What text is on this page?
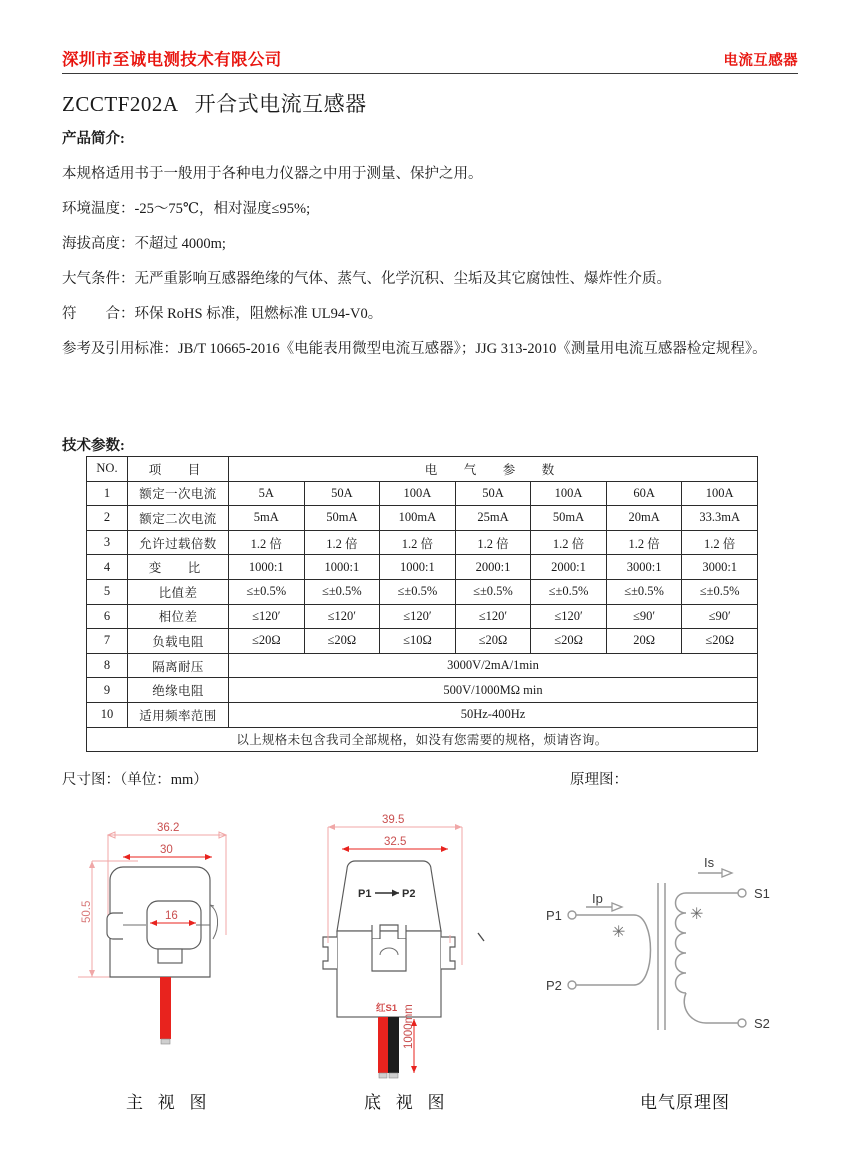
深圳市至诚电测技术有限公司	电流互感器
ZCCTF202A   开合式电流互感器

产品简介:

本规格适用书于一般用于各种电力仪器之中用于测量、保护之用。

环境温度：-25～75℃，相对湿度≤95%;

海拔高度：不超过 4000m;

大气条件：无严重影响互感器绝缘的气体、蒸气、化学沉积、尘垢及其它腐蚀性、爆炸性介质。

符　　合：环保 RoHS 标准，阻燃标准 UL94-V0。

参考及引用标准：JB/T 10665-2016《电能表用微型电流互感器》；JJG 313-2010《测量用电流互感器检定规程》。

技术参数:
NO.	项　目	电　气　参　数						
1	额定一次电流	5A	50A	100A	50A	100A	60A	100A
2	额定二次电流	5mA	50mA	100mA	25mA	50mA	20mA	33.3mA
3	允许过载倍数	1.2 倍	1.2 倍	1.2 倍	1.2 倍	1.2 倍	1.2 倍	1.2 倍
4	变　比	1000:1	1000:1	1000:1	2000:1	2000:1	3000:1	3000:1
5	比值差	≤±0.5%	≤±0.5%	≤±0.5%	≤±0.5%	≤±0.5%	≤±0.5%	≤±0.5%
6	相位差	≤120′	≤120′	≤120′	≤120′	≤120′	≤90′	≤90′
7	负载电阻	≤20Ω	≤20Ω	≤10Ω	≤20Ω	≤20Ω	20Ω	≤20Ω
8	隔离耐压	3000V/2mA/1min						
9	绝缘电阻	500V/1000MΩ min						
10	适用频率范围	50Hz-400Hz						
以上规格未包含我司全部规格，如没有您需要的规格，烦请咨询。								
尺寸图：（单位：mm）	原理图：
36.2
30
50.5	16
39.5
32.5
P1	P2
红S1 1000mm
P1
P2
Ip
✳
S1
S2
Is
✳
主 视 图	底 视 图	电气原理图
